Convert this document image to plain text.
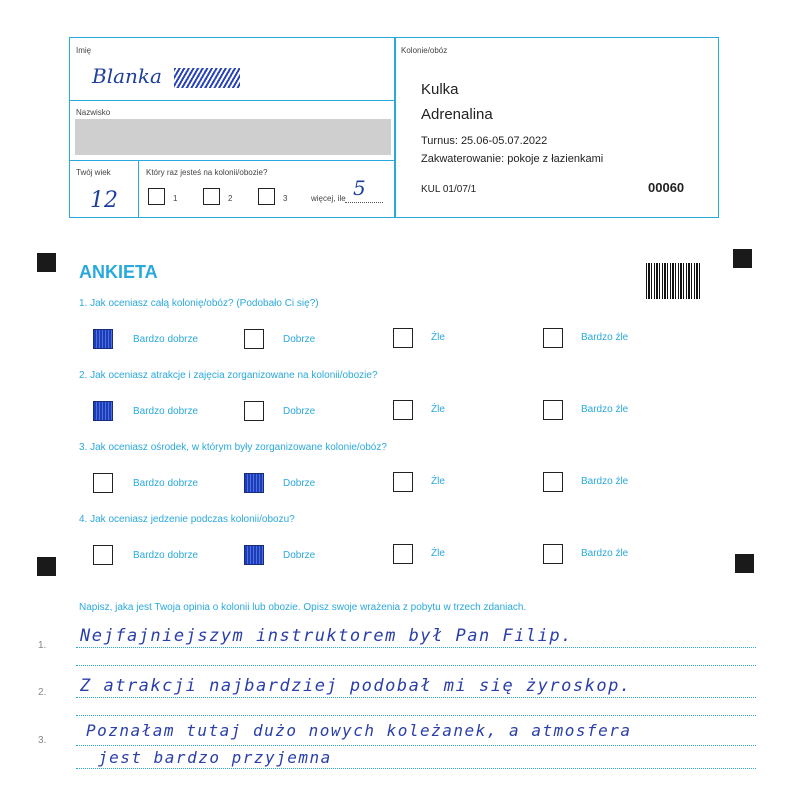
Imię
Blanka
Nazwisko
Twój wiek
12
Który raz jesteś na kolonii/obozie?
1	2	3	więcej, ile 5
Kolonie/obóz
Kulka
Adrenalina
Turnus: 25.06-05.07.2022
Zakwaterowanie: pokoje z łazienkami
KUL 01/07/1	00060
ANKIETA
1. Jak oceniasz całą kolonię/obóz? (Podobało Ci się?)
Bardzo dobrze	Dobrze	Źle	Bardzo źle
2. Jak oceniasz atrakcje i zajęcia zorganizowane na kolonii/obozie?
Bardzo dobrze	Dobrze	Źle	Bardzo źle
3. Jak oceniasz ośrodek, w którym były zorganizowane kolonie/obóz?
Bardzo dobrze	Dobrze	Źle	Bardzo źle
4. Jak oceniasz jedzenie podczas kolonii/obozu?
Bardzo dobrze	Dobrze	Źle	Bardzo źle
Napisz, jaka jest Twoja opinia o kolonii lub obozie. Opisz swoje wrażenia z pobytu w trzech zdaniach.
1. Nejfajniejszym instruktorem był Pan Filip.
2. Z atrakcji najbardziej podobał mi się żyroskop.
3.
Poznałam tutaj dużo nowych koleżanek, a atmosfera
jest bardzo przyjemna
